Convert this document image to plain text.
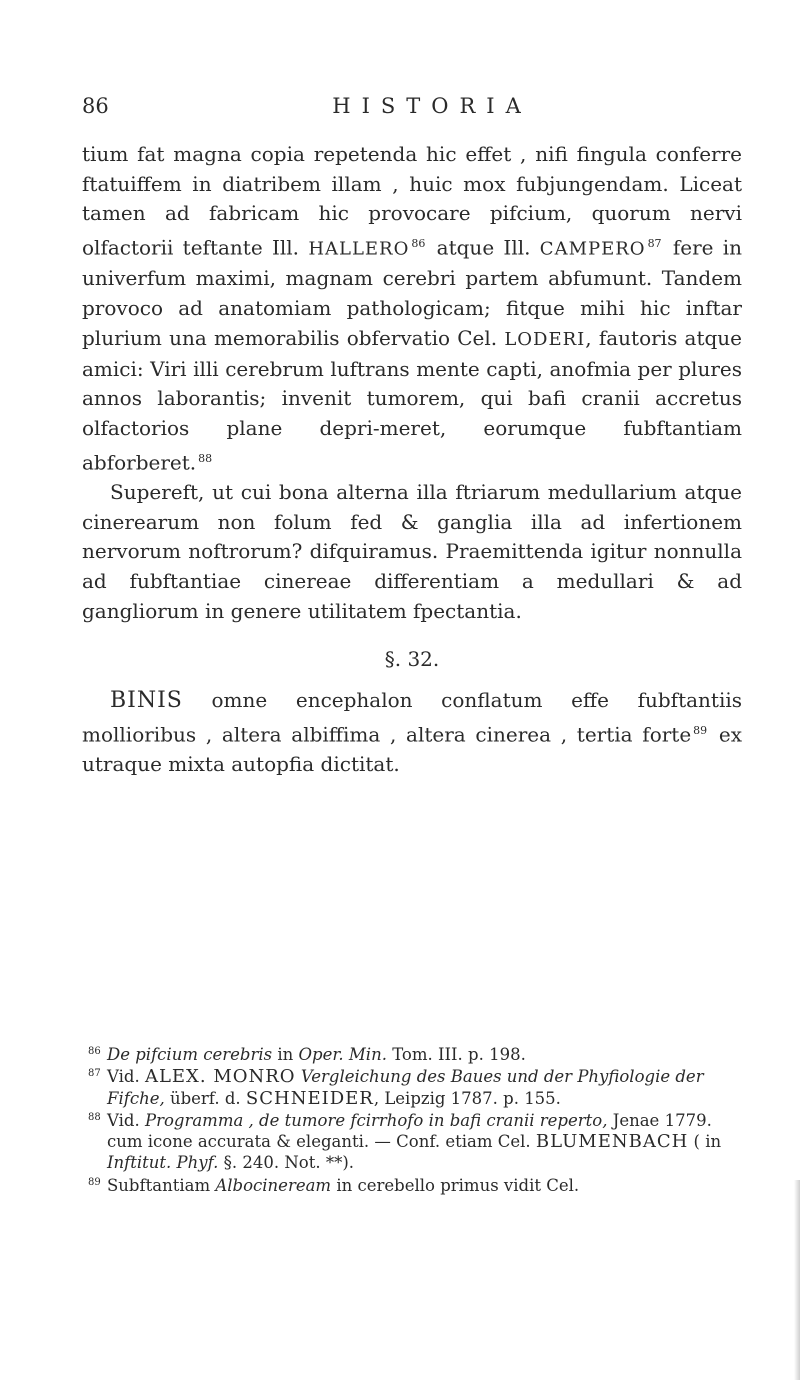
86	HISTORIA

tium fat magna copia repetenda hic effet , nifi fingula conferre ftatuiffem in diatribem illam , huic mox fubjungendam. Liceat tamen ad fabricam hic provocare pifcium, quorum nervi olfactorii teftante Ill. HALLERO $^{86}$ atque Ill. CAMPERO $^{87}$ fere in univerfum maximi, magnam cerebri partem abfumunt. Tandem provoco ad anatomiam pathologicam; fitque mihi hic inftar plurium una memorabilis obfervatio Cel. LODERI, fautoris atque amici: Viri illi cerebrum luftrans mente capti, anofmia per plures annos laborantis; invenit tumorem, qui bafi cranii accretus olfactorios plane depri-meret, eorumque fubftantiam abforberet. $^{88}$

Supereft, ut cui bona alterna illa ftriarum medullarium atque cinerearum non folum fed & ganglia illa ad infertionem nervorum noftrorum? difquiramus. Praemittenda igitur nonnulla ad fubftantiae cinereae differentiam a medullari & ad gangliorum in genere utilitatem fpectantia.

§. 32.

BINIS omne encephalon conflatum effe fubftantiis mollioribus , altera albiffima , altera cinerea , tertia forte $^{89}$ ex utraque mixta autopfia dictitat.

86 De pifcium cerebris in Oper. Min. Tom. III. p. 198.

87 Vid. ALEX. MONRO Vergleichung des Baues und der Phyfiologie der Fifche, überf. d. SCHNEIDER, Leipzig 1787. p. 155.

88 Vid. Programma , de tumore fcirrhofo in bafi cranii reperto, Jenae 1779. cum icone accurata & eleganti. — Conf. etiam Cel. BLUMENBACH ( in Inftitut. Phyf. §. 240. Not. **).

89 Subftantiam Albocineream in cerebello primus vidit Cel.
